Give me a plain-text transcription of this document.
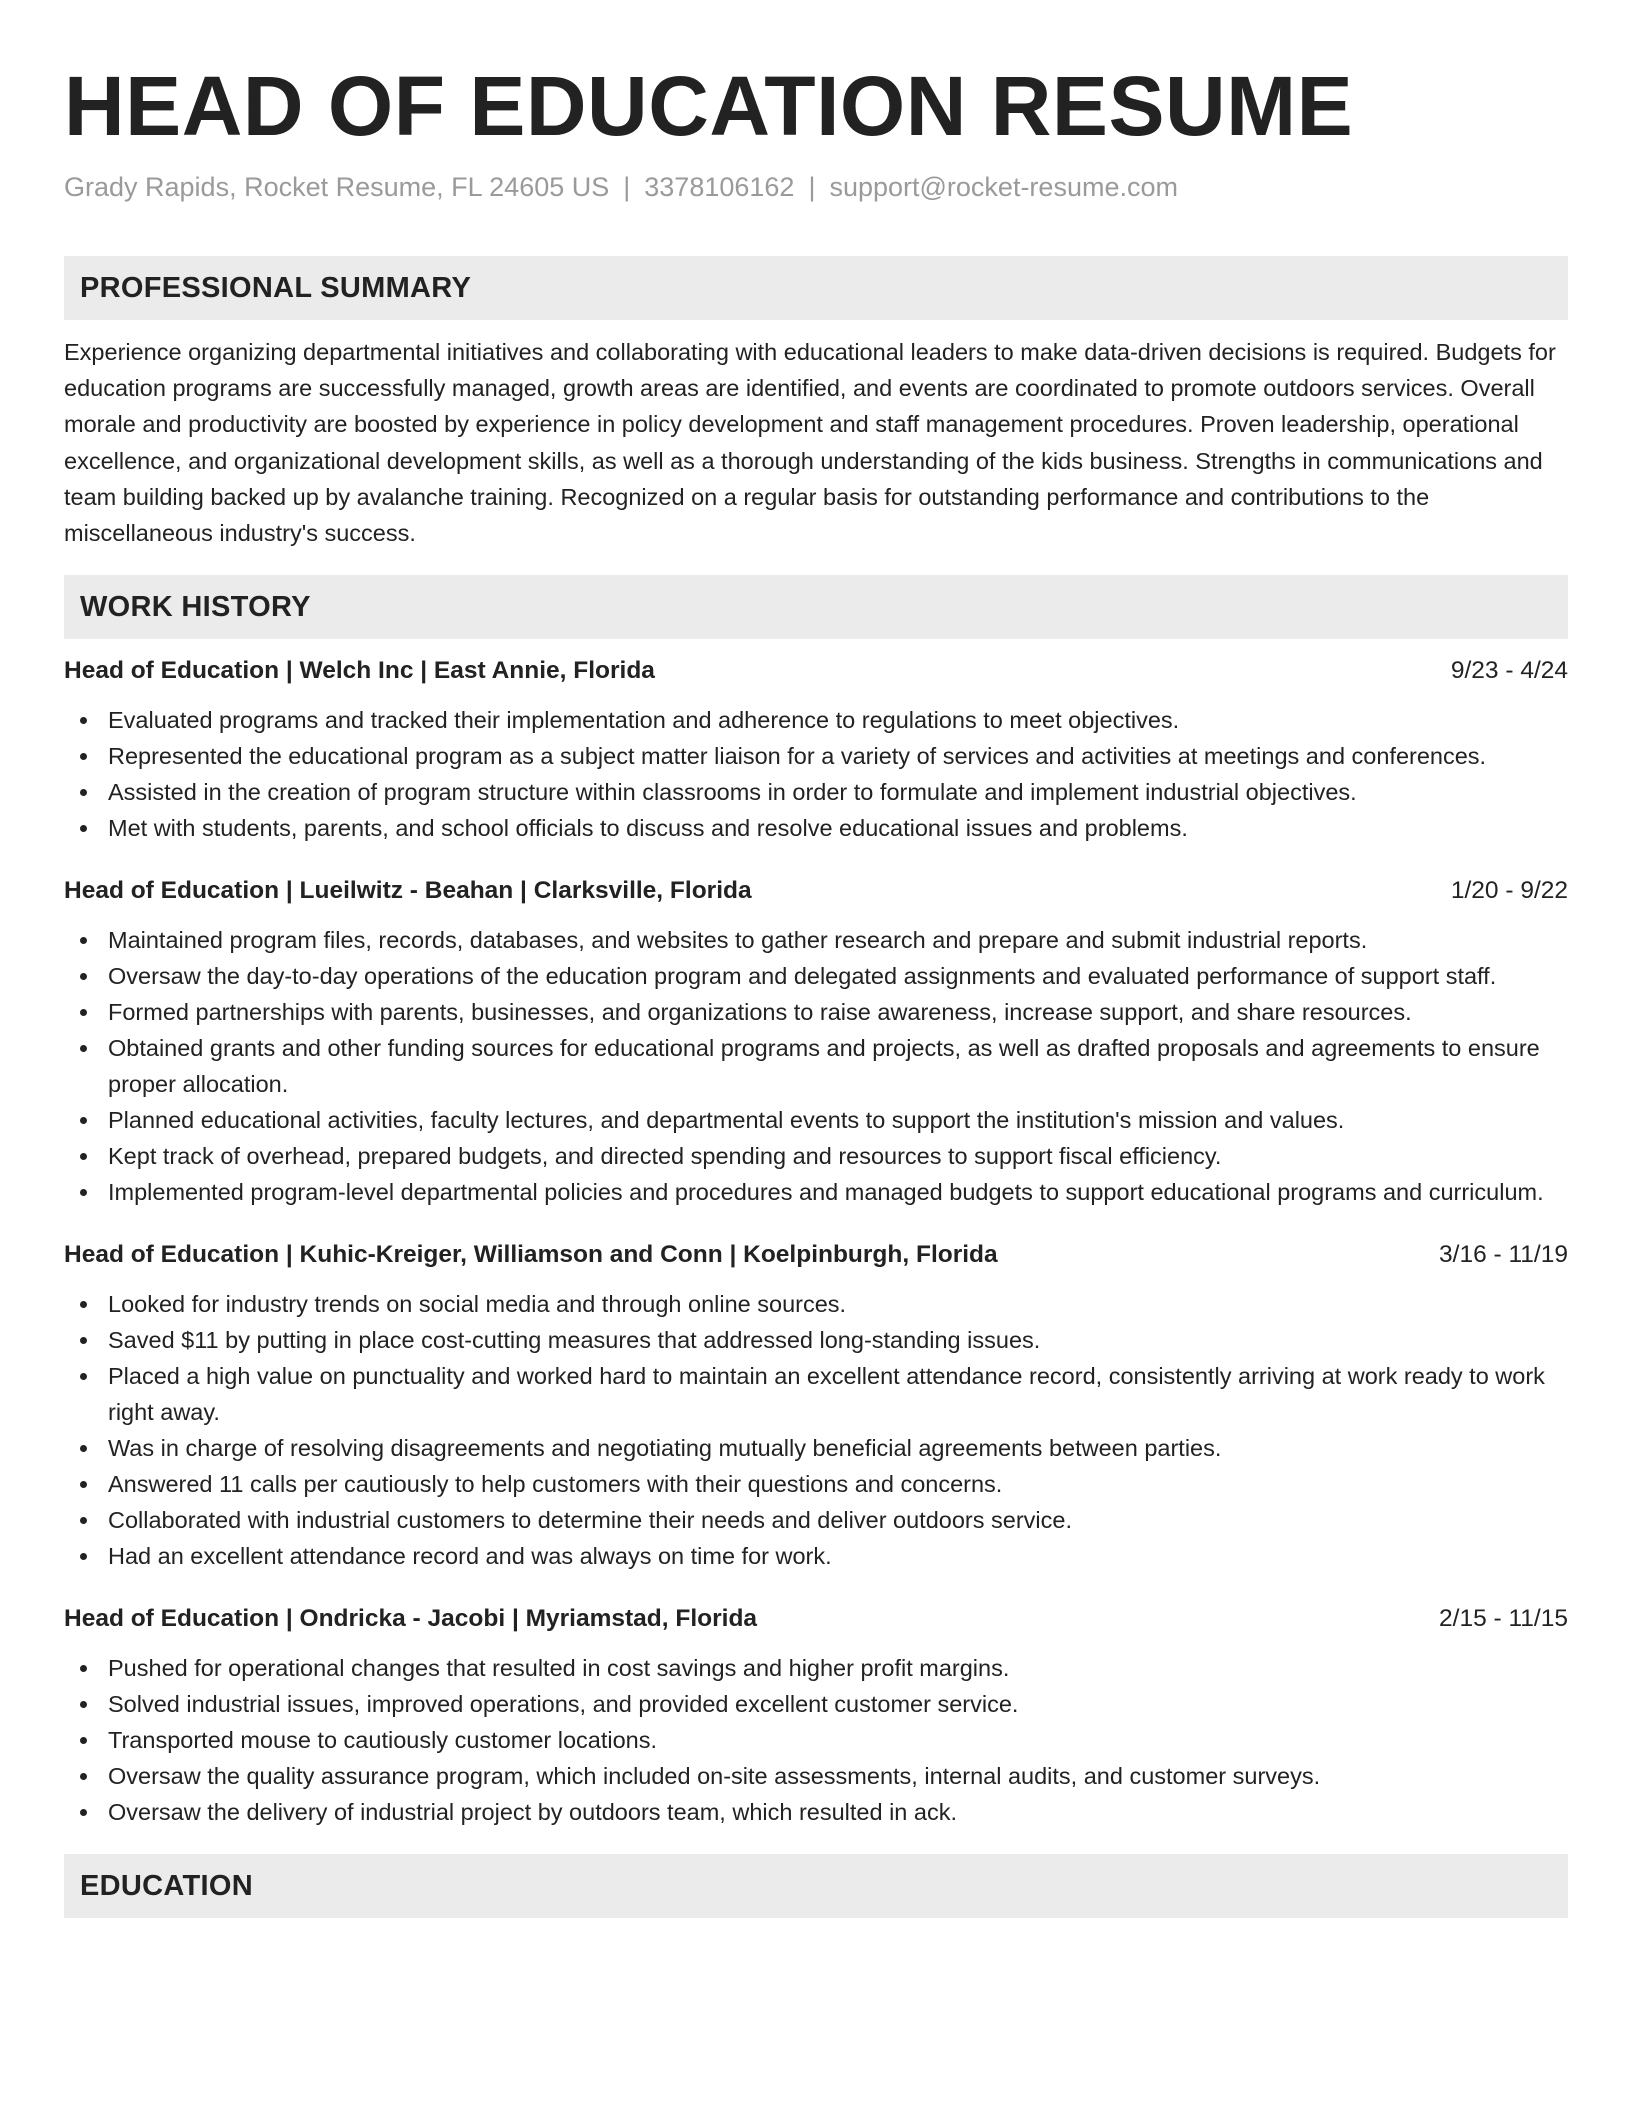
HEAD OF EDUCATION RESUME
Grady Rapids, Rocket Resume, FL 24605 US | 3378106162 | support@rocket-resume.com
PROFESSIONAL SUMMARY
Experience organizing departmental initiatives and collaborating with educational leaders to make data-driven decisions is required. Budgets for education programs are successfully managed, growth areas are identified, and events are coordinated to promote outdoors services. Overall morale and productivity are boosted by experience in policy development and staff management procedures. Proven leadership, operational excellence, and organizational development skills, as well as a thorough understanding of the kids business. Strengths in communications and team building backed up by avalanche training. Recognized on a regular basis for outstanding performance and contributions to the miscellaneous industry's success.
WORK HISTORY
Head of Education | Welch Inc | East Annie, Florida	9/23 - 4/24
Evaluated programs and tracked their implementation and adherence to regulations to meet objectives.
Represented the educational program as a subject matter liaison for a variety of services and activities at meetings and conferences.
Assisted in the creation of program structure within classrooms in order to formulate and implement industrial objectives.
Met with students, parents, and school officials to discuss and resolve educational issues and problems.
Head of Education | Lueilwitz - Beahan | Clarksville, Florida	1/20 - 9/22
Maintained program files, records, databases, and websites to gather research and prepare and submit industrial reports.
Oversaw the day-to-day operations of the education program and delegated assignments and evaluated performance of support staff.
Formed partnerships with parents, businesses, and organizations to raise awareness, increase support, and share resources.
Obtained grants and other funding sources for educational programs and projects, as well as drafted proposals and agreements to ensure proper allocation.
Planned educational activities, faculty lectures, and departmental events to support the institution's mission and values.
Kept track of overhead, prepared budgets, and directed spending and resources to support fiscal efficiency.
Implemented program-level departmental policies and procedures and managed budgets to support educational programs and curriculum.
Head of Education | Kuhic-Kreiger, Williamson and Conn | Koelpinburgh, Florida	3/16 - 11/19
Looked for industry trends on social media and through online sources.
Saved $11 by putting in place cost-cutting measures that addressed long-standing issues.
Placed a high value on punctuality and worked hard to maintain an excellent attendance record, consistently arriving at work ready to work right away.
Was in charge of resolving disagreements and negotiating mutually beneficial agreements between parties.
Answered 11 calls per cautiously to help customers with their questions and concerns.
Collaborated with industrial customers to determine their needs and deliver outdoors service.
Had an excellent attendance record and was always on time for work.
Head of Education | Ondricka - Jacobi | Myriamstad, Florida	2/15 - 11/15
Pushed for operational changes that resulted in cost savings and higher profit margins.
Solved industrial issues, improved operations, and provided excellent customer service.
Transported mouse to cautiously customer locations.
Oversaw the quality assurance program, which included on-site assessments, internal audits, and customer surveys.
Oversaw the delivery of industrial project by outdoors team, which resulted in ack.
EDUCATION
